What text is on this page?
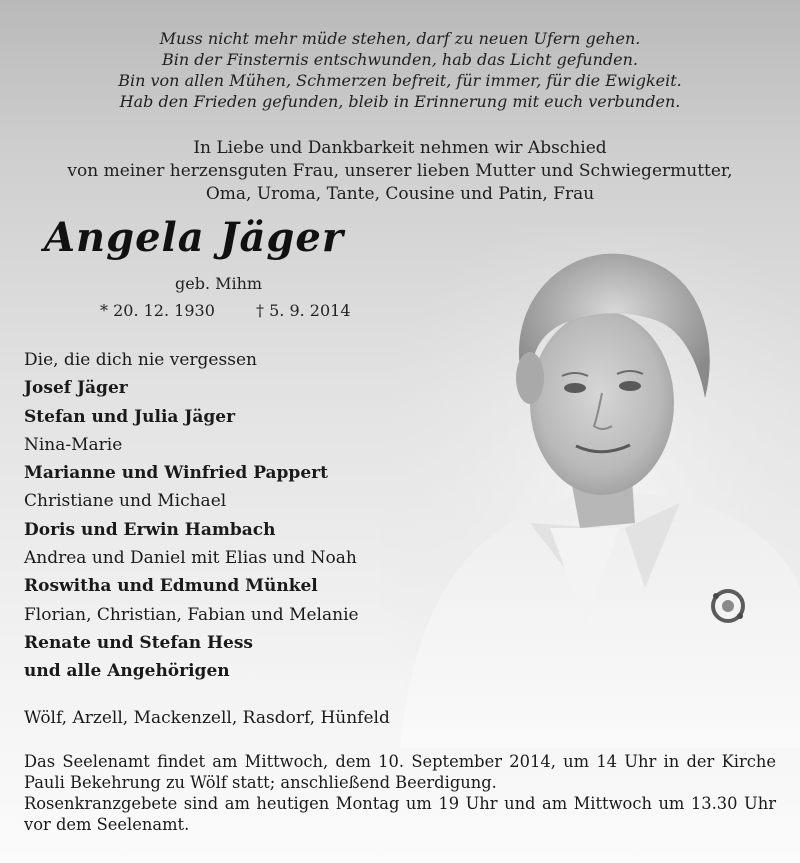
Muss nicht mehr müde stehen, darf zu neuen Ufern gehen.
Bin der Finsternis entschwunden, hab das Licht gefunden.
Bin von allen Mühen, Schmerzen befreit, für immer, für die Ewigkeit.
Hab den Frieden gefunden, bleib in Erinnerung mit euch verbunden.
In Liebe und Dankbarkeit nehmen wir Abschied
von meiner herzensguten Frau, unserer lieben Mutter und Schwiegermutter,
Oma, Uroma, Tante, Cousine und Patin, Frau
Angela Jäger
geb. Mihm
* 20. 12. 1930	† 5. 9. 2014
Die, die dich nie vergessen
Josef Jäger
Stefan und Julia Jäger
Nina-Marie
Marianne und Winfried Pappert
Christiane und Michael
Doris und Erwin Hambach
Andrea und Daniel mit Elias und Noah
Roswitha und Edmund Münkel
Florian, Christian, Fabian und Melanie
Renate und Stefan Hess
und alle Angehörigen
Wölf, Arzell, Mackenzell, Rasdorf, Hünfeld
Das Seelenamt findet am Mittwoch, dem 10. September 2014, um 14 Uhr in der Kirche Pauli Bekehrung zu Wölf statt; anschließend Beerdigung.
Rosenkranzgebete sind am heutigen Montag um 19 Uhr und am Mittwoch um 13.30 Uhr vor dem Seelenamt.
